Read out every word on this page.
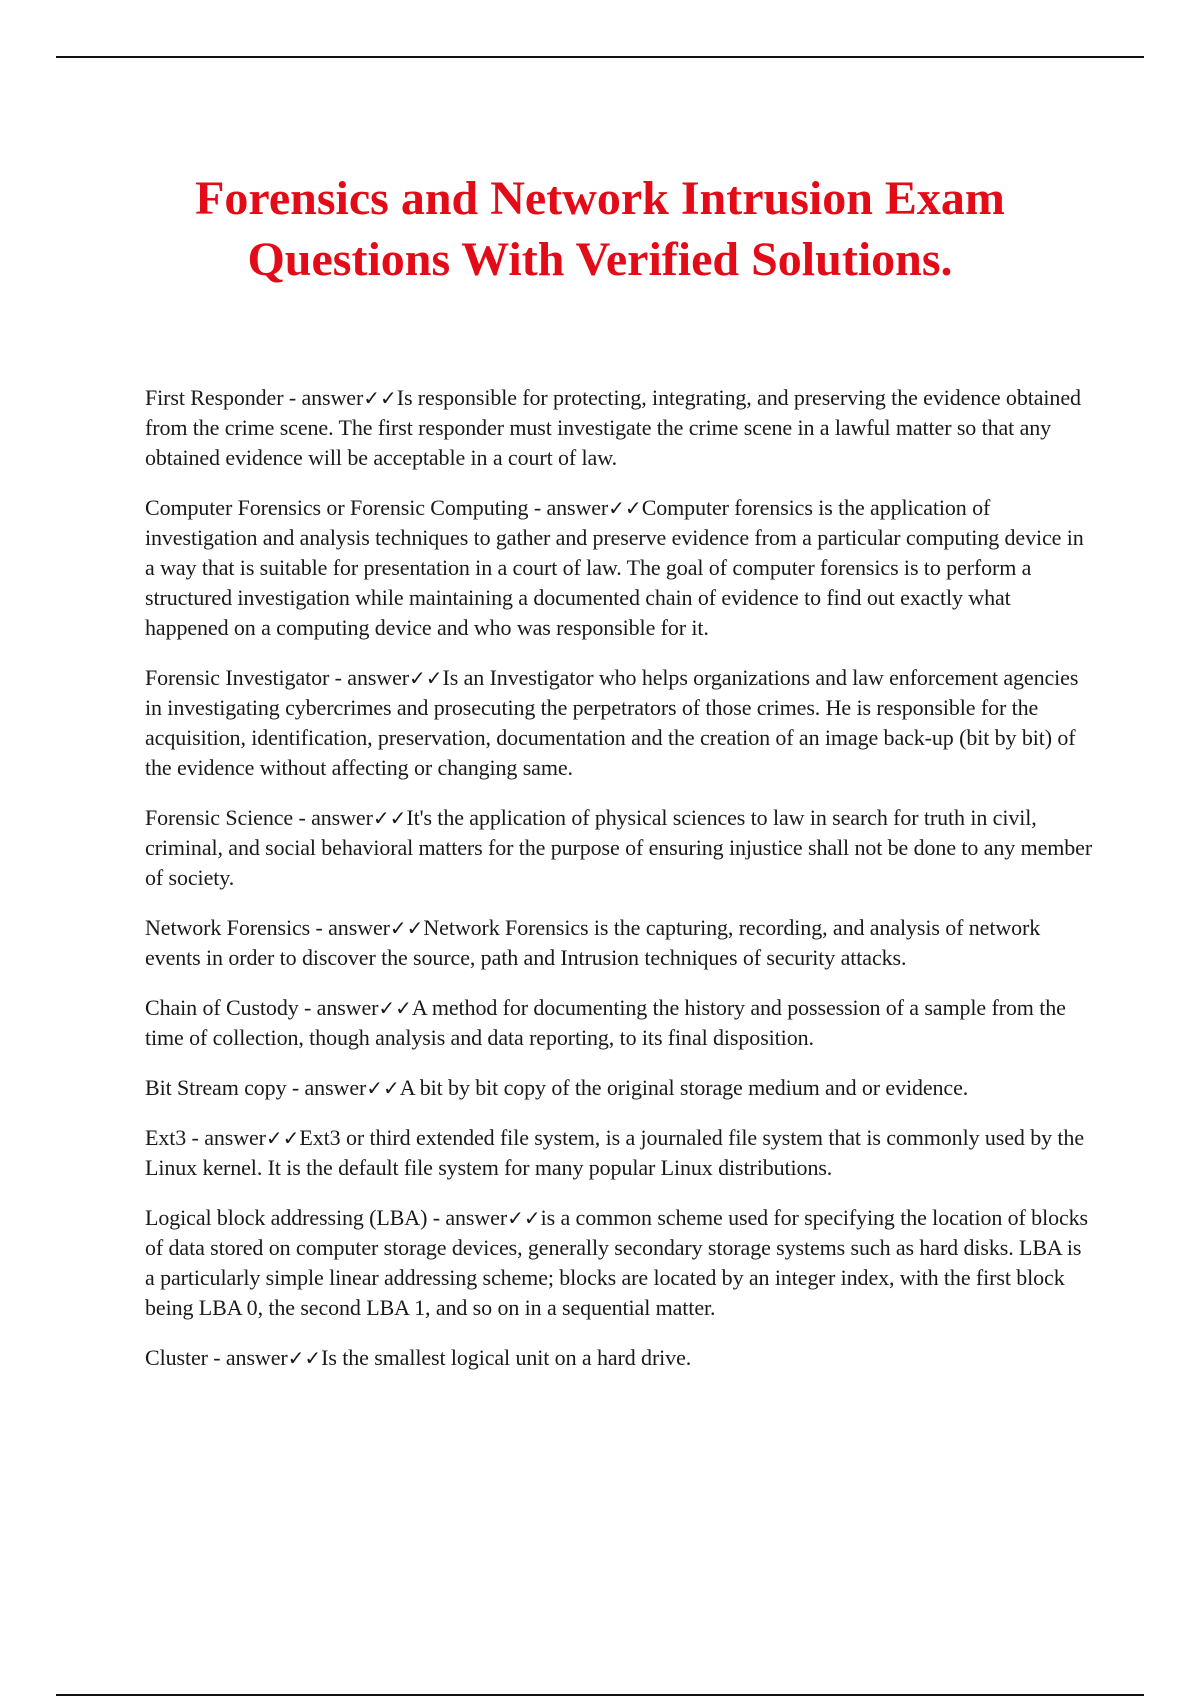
Forensics and Network Intrusion Exam
Questions With Verified Solutions.

First Responder - answer✓✓Is responsible for protecting, integrating, and preserving the evidence obtained from the crime scene. The first responder must investigate the crime scene in a lawful matter so that any obtained evidence will be acceptable in a court of law.

Computer Forensics or Forensic Computing - answer✓✓Computer forensics is the application of investigation and analysis techniques to gather and preserve evidence from a particular computing device in a way that is suitable for presentation in a court of law. The goal of computer forensics is to perform a structured investigation while maintaining a documented chain of evidence to find out exactly what happened on a computing device and who was responsible for it.

Forensic Investigator - answer✓✓Is an Investigator who helps organizations and law enforcement agencies in investigating cybercrimes and prosecuting the perpetrators of those crimes. He is responsible for the acquisition, identification, preservation, documentation and the creation of an image back-up (bit by bit) of the evidence without affecting or changing same.

Forensic Science - answer✓✓It's the application of physical sciences to law in search for truth in civil, criminal, and social behavioral matters for the purpose of ensuring injustice shall not be done to any member of society.

Network Forensics - answer✓✓Network Forensics is the capturing, recording, and analysis of network events in order to discover the source, path and Intrusion techniques of security attacks.

Chain of Custody - answer✓✓A method for documenting the history and possession of a sample from the time of collection, though analysis and data reporting, to its final disposition.

Bit Stream copy - answer✓✓A bit by bit copy of the original storage medium and or evidence.

Ext3 - answer✓✓Ext3 or third extended file system, is a journaled file system that is commonly used by the Linux kernel. It is the default file system for many popular Linux distributions.

Logical block addressing (LBA) - answer✓✓is a common scheme used for specifying the location of blocks of data stored on computer storage devices, generally secondary storage systems such as hard disks. LBA is a particularly simple linear addressing scheme; blocks are located by an integer index, with the first block being LBA 0, the second LBA 1, and so on in a sequential matter.

Cluster - answer✓✓Is the smallest logical unit on a hard drive.
